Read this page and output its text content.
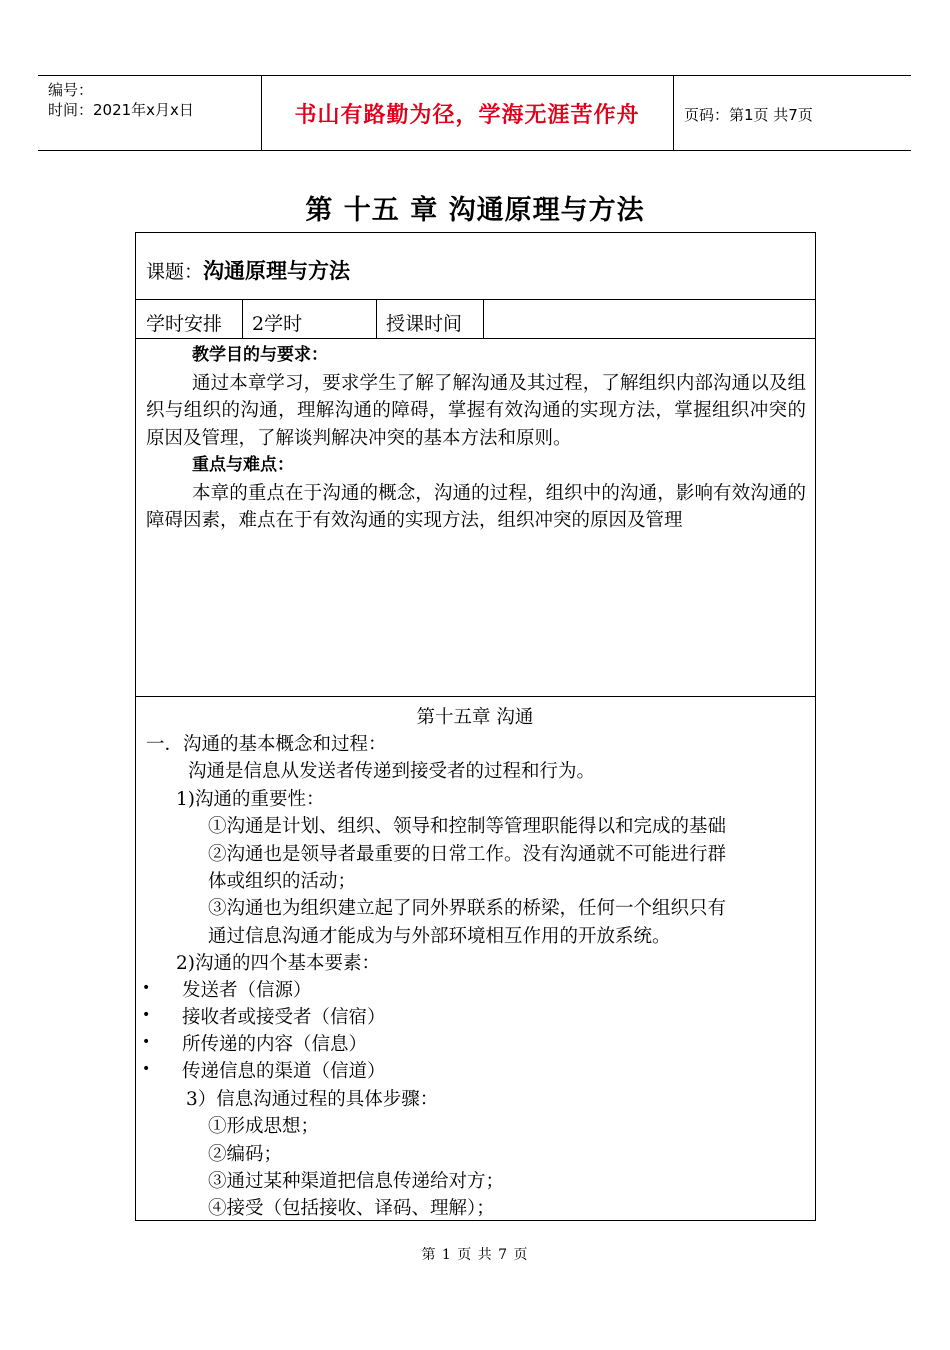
编号：
时间：2021年x月x日	书山有路勤为径，学海无涯苦作舟	页码：第1页 共7页
第 十五 章 沟通原理与方法
课题：沟通原理与方法
学时安排 2学时	授课时间
教学目的与要求：
通过本章学习，要求学生了解了解沟通及其过程，了解组织内部沟通以及组织与组织的沟通，理解沟通的障碍，掌握有效沟通的实现方法，掌握组织冲突的原因及管理，了解谈判解决冲突的基本方法和原则。
重点与难点：
本章的重点在于沟通的概念，沟通的过程，组织中的沟通，影响有效沟通的障碍因素，难点在于有效沟通的实现方法，组织冲突的原因及管理
第十五章 沟通
一．沟通的基本概念和过程：
沟通是信息从发送者传递到接受者的过程和行为。
1)沟通的重要性：
①沟通是计划、组织、领导和控制等管理职能得以和完成的基础
②沟通也是领导者最重要的日常工作。没有沟通就不可能进行群
体或组织的活动；
③沟通也为组织建立起了同外界联系的桥梁，任何一个组织只有
通过信息沟通才能成为与外部环境相互作用的开放系统。
2)沟通的四个基本要素：
• 发送者（信源）
• 接收者或接受者（信宿）
• 所传递的内容（信息）
• 传递信息的渠道（信道）
3）信息沟通过程的具体步骤：
①形成思想；
②编码；
③通过某种渠道把信息传递给对方；
④接受（包括接收、译码、理解）；
第 1 页 共 7 页
